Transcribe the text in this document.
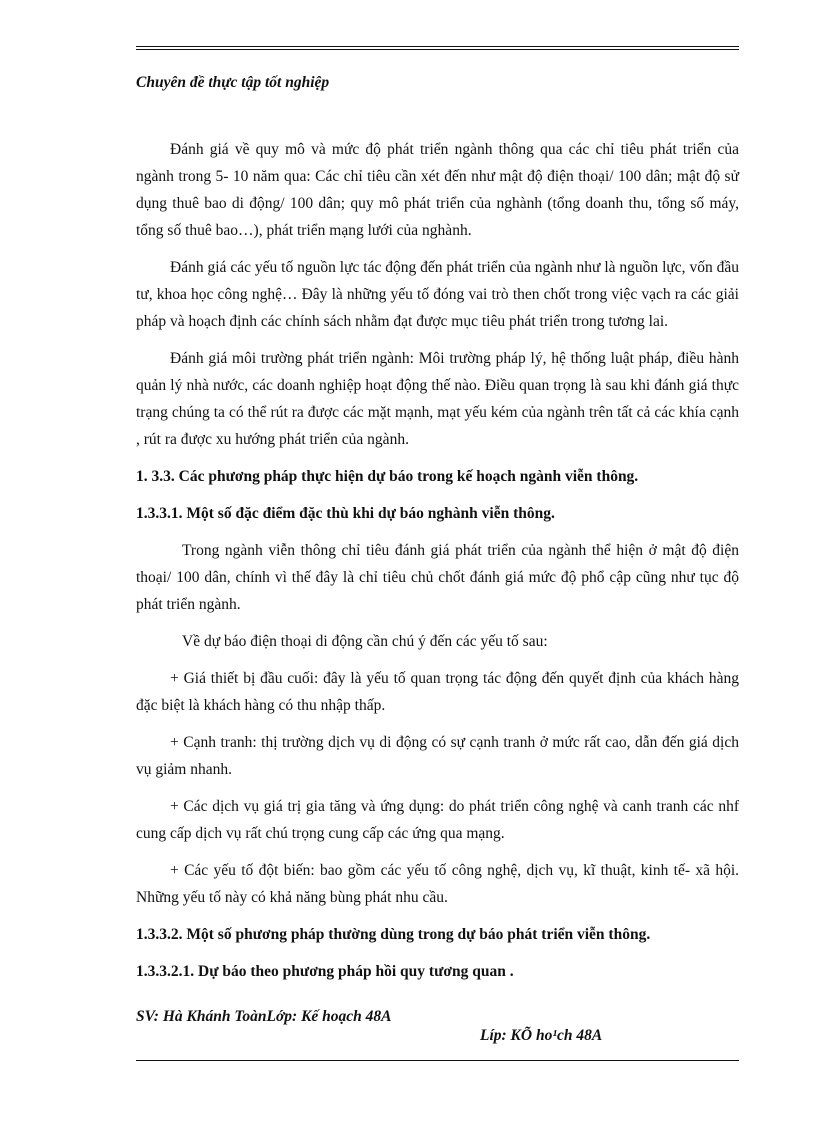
Chuyên đề thực tập tốt nghiệp

Đánh giá về quy mô và mức độ phát triển ngành thông qua các chỉ tiêu phát triển của ngành trong 5- 10 năm qua: Các chỉ tiêu cần xét đến như mật độ điện thoại/ 100 dân; mật độ sử dụng thuê bao di động/ 100 dân; quy mô phát triển của nghành (tổng doanh thu, tổng số máy, tổng số thuê bao…), phát triển mạng lưới của nghành.

Đánh giá các yếu tố nguồn lực tác động đến phát triển của ngành như là nguồn lực, vốn đầu tư, khoa học công nghệ… Đây là những yếu tố đóng vai trò then chốt trong việc vạch ra các giải pháp và hoạch định các chính sách nhằm đạt được mục tiêu phát triển trong tương lai.

Đánh giá môi trường phát triển ngành: Môi trường pháp lý, hệ thống luật pháp, điều hành quản lý nhà nước, các doanh nghiệp hoạt động thế nào. Điều quan trọng là sau khi đánh giá thực trạng chúng ta có thể rút ra được các mặt mạnh, mạt yếu kém của ngành trên tất cả các khía cạnh , rút ra được xu hướng phát triển của ngành.

1. 3.3. Các phương pháp thực hiện dự báo trong kế hoạch ngành viễn thông.
1.3.3.1. Một số đặc điểm đặc thù khi dự báo nghành viễn thông.

Trong ngành viễn thông chỉ tiêu đánh giá phát triển của ngành thể hiện ở mật độ điện thoại/ 100 dân, chính vì thế đây là chỉ tiêu chủ chốt đánh giá mức độ phổ cập cũng như tục độ phát triển ngành.

Về dự báo điện thoại di động cần chú ý đến các yếu tố sau:

+ Giá thiết bị đầu cuối: đây là yếu tố quan trọng tác động đến quyết định của khách hàng đặc biệt là khách hàng có thu nhập thấp.

+ Cạnh tranh: thị trường dịch vụ di động có sự cạnh tranh ở mức rất cao, dẫn đến giá dịch vụ giảm nhanh.

+ Các dịch vụ giá trị gia tăng và ứng dụng: do phát triển công nghệ và canh tranh các nhf cung cấp dịch vụ rất chú trọng cung cấp các ứng qua mạng.

+ Các yếu tố đột biến: bao gồm các yếu tố công nghệ, dịch vụ, kĩ thuật, kinh tế- xã hội. Những yếu tố này có khả năng bùng phát nhu cầu.

1.3.3.2. Một số phương pháp thường dùng trong dự báo phát triển viễn thông.
1.3.3.2.1. Dự báo theo phương pháp hồi quy tương quan .
SV: Hà Khánh ToànLớp: Kế hoạch 48A
Líp: KÕ ho¹ch 48A
